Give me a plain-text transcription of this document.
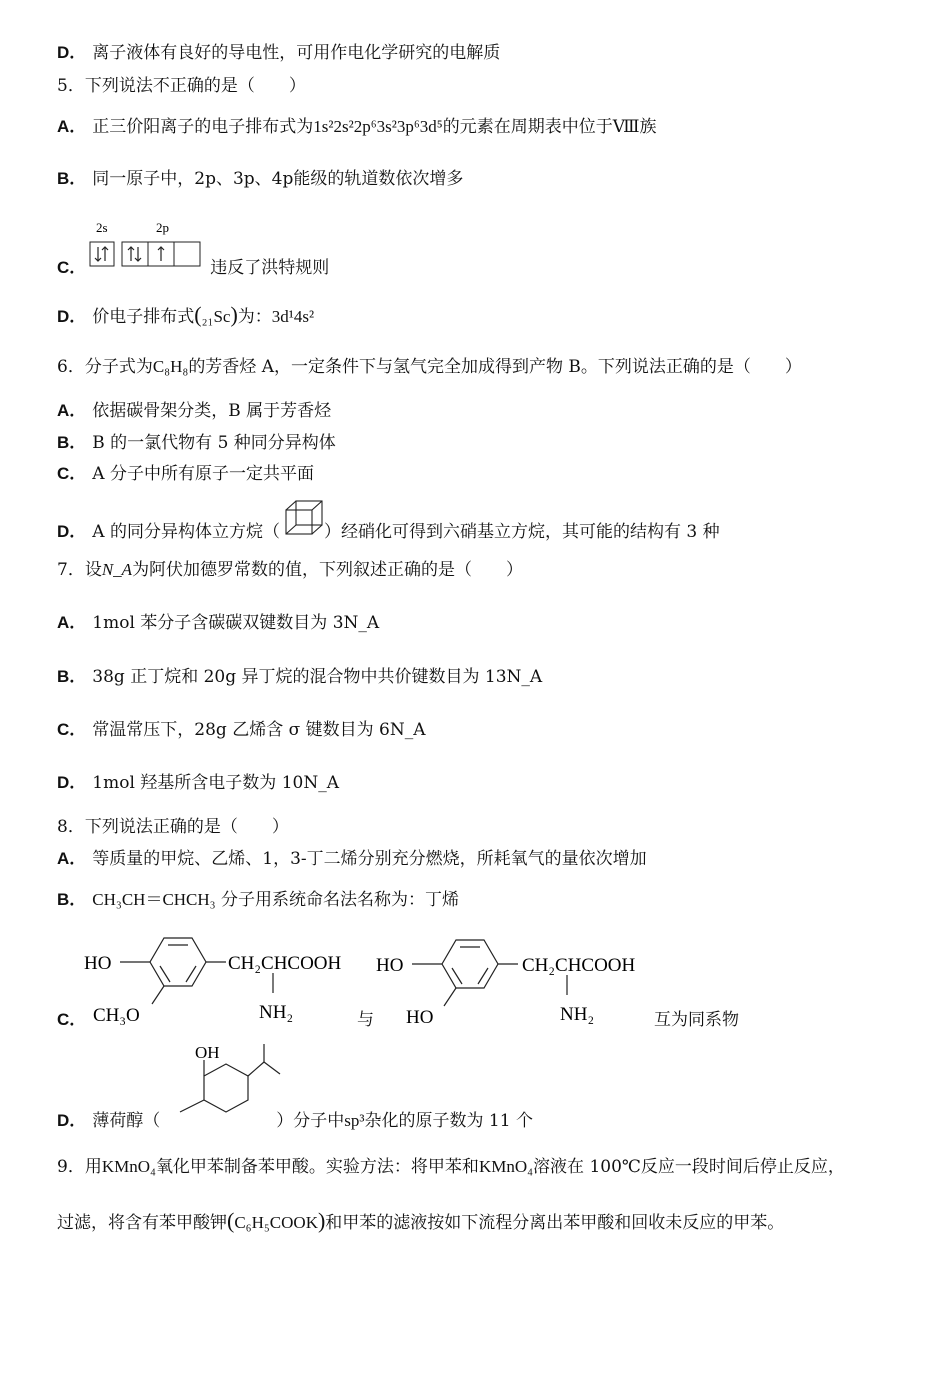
D． 离子液体有良好的导电性，可用作电化学研究的电解质
5．下列说法不正确的是（　　）
A． 正三价阳离子的电子排布式为1s²2s²2p⁶3s²3p⁶3d⁵的元素在周期表中位于Ⅷ族
B． 同一原子中，2p、3p、4p能级的轨道数依次增多
2s	2p
C．	违反了洪特规则
D． 价电子排布式(₂₁Sc)为：3d¹4s²
6．分子式为C₈H₈的芳香烃 A，一定条件下与氢气完全加成得到产物 B。下列说法正确的是（　　）
A． 依据碳骨架分类，B 属于芳香烃
B． B 的一氯代物有 5 种同分异构体
C． A 分子中所有原子一定共平面
D． A 的同分异构体立方烷（	）经硝化可得到六硝基立方烷，其可能的结构有 3 种
7．设N_A为阿伏加德罗常数的值，下列叙述正确的是（　　）
A． 1mol 苯分子含碳碳双键数目为 3N_A
B． 38g 正丁烷和 20g 异丁烷的混合物中共价键数目为 13N_A
C． 常温常压下，28g 乙烯含 σ 键数目为 6N_A
D． 1mol 羟基所含电子数为 10N_A
8．下列说法正确的是（　　）
A． 等质量的甲烷、乙烯、1，3-丁二烯分别充分燃烧，所耗氧气的量依次增加
B． CH₃CH＝CHCH₃ 分子用系统命名法名称为：丁烯
HO	CH₂CHCOOH
CH₃O	NH₂
HO	CH₂CHCOOH
HO	NH₂
C．	与	互为同系物
OH
D． 薄荷醇（	）分子中sp³杂化的原子数为 11 个
9．用KMnO₄氧化甲苯制备苯甲酸。实验方法：将甲苯和KMnO₄溶液在 100℃反应一段时间后停止反应，
过滤，将含有苯甲酸钾(C₆H₅COOK)和甲苯的滤液按如下流程分离出苯甲酸和回收未反应的甲苯。
